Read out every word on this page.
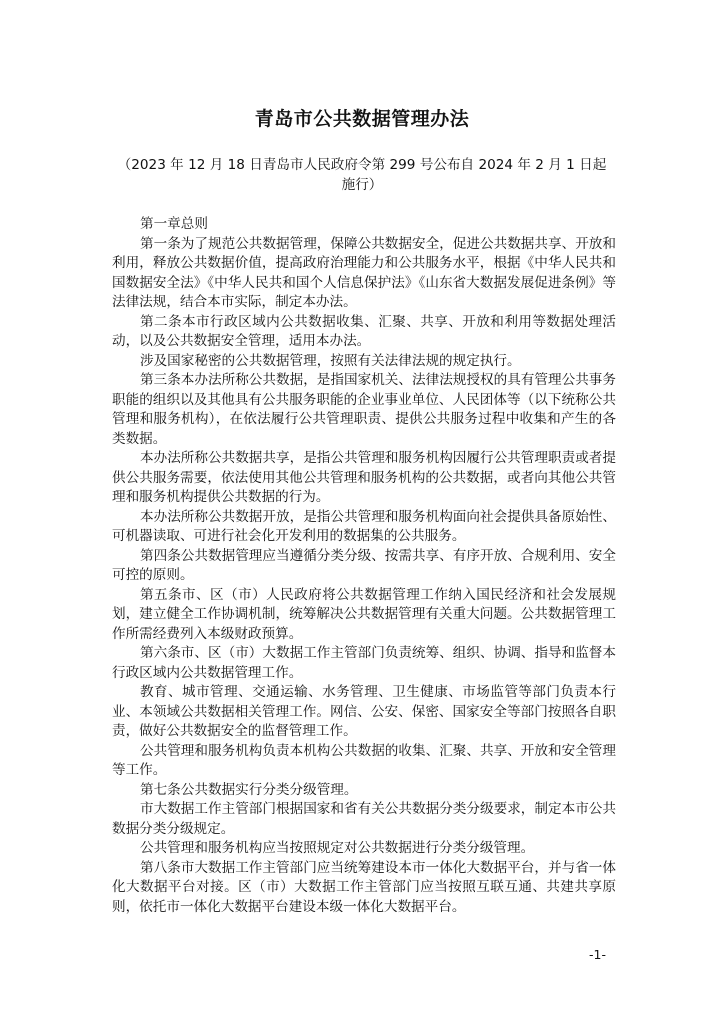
青岛市公共数据管理办法
（2023 年 12 月 18 日青岛市人民政府令第 299 号公布自 2024 年 2 月 1 日起施行）

第一章总则

第一条为了规范公共数据管理，保障公共数据安全，促进公共数据共享、开放和利用，释放公共数据价值，提高政府治理能力和公共服务水平，根据《中华人民共和国数据安全法》《中华人民共和国个人信息保护法》《山东省大数据发展促进条例》等法律法规，结合本市实际，制定本办法。

第二条本市行政区域内公共数据收集、汇聚、共享、开放和利用等数据处理活动，以及公共数据安全管理，适用本办法。

涉及国家秘密的公共数据管理，按照有关法律法规的规定执行。

第三条本办法所称公共数据，是指国家机关、法律法规授权的具有管理公共事务职能的组织以及其他具有公共服务职能的企业事业单位、人民团体等（以下统称公共管理和服务机构），在依法履行公共管理职责、提供公共服务过程中收集和产生的各类数据。

本办法所称公共数据共享，是指公共管理和服务机构因履行公共管理职责或者提供公共服务需要，依法使用其他公共管理和服务机构的公共数据，或者向其他公共管理和服务机构提供公共数据的行为。

本办法所称公共数据开放，是指公共管理和服务机构面向社会提供具备原始性、可机器读取、可进行社会化开发利用的数据集的公共服务。

第四条公共数据管理应当遵循分类分级、按需共享、有序开放、合规利用、安全可控的原则。

第五条市、区（市）人民政府将公共数据管理工作纳入国民经济和社会发展规划，建立健全工作协调机制，统筹解决公共数据管理有关重大问题。公共数据管理工作所需经费列入本级财政预算。

第六条市、区（市）大数据工作主管部门负责统筹、组织、协调、指导和监督本行政区域内公共数据管理工作。

教育、城市管理、交通运输、水务管理、卫生健康、市场监管等部门负责本行业、本领域公共数据相关管理工作。网信、公安、保密、国家安全等部门按照各自职责，做好公共数据安全的监督管理工作。

公共管理和服务机构负责本机构公共数据的收集、汇聚、共享、开放和安全管理等工作。

第七条公共数据实行分类分级管理。

市大数据工作主管部门根据国家和省有关公共数据分类分级要求，制定本市公共数据分类分级规定。

公共管理和服务机构应当按照规定对公共数据进行分类分级管理。

第八条市大数据工作主管部门应当统筹建设本市一体化大数据平台，并与省一体化大数据平台对接。区（市）大数据工作主管部门应当按照互联互通、共建共享原则，依托市一体化大数据平台建设本级一体化大数据平台。

-1-
